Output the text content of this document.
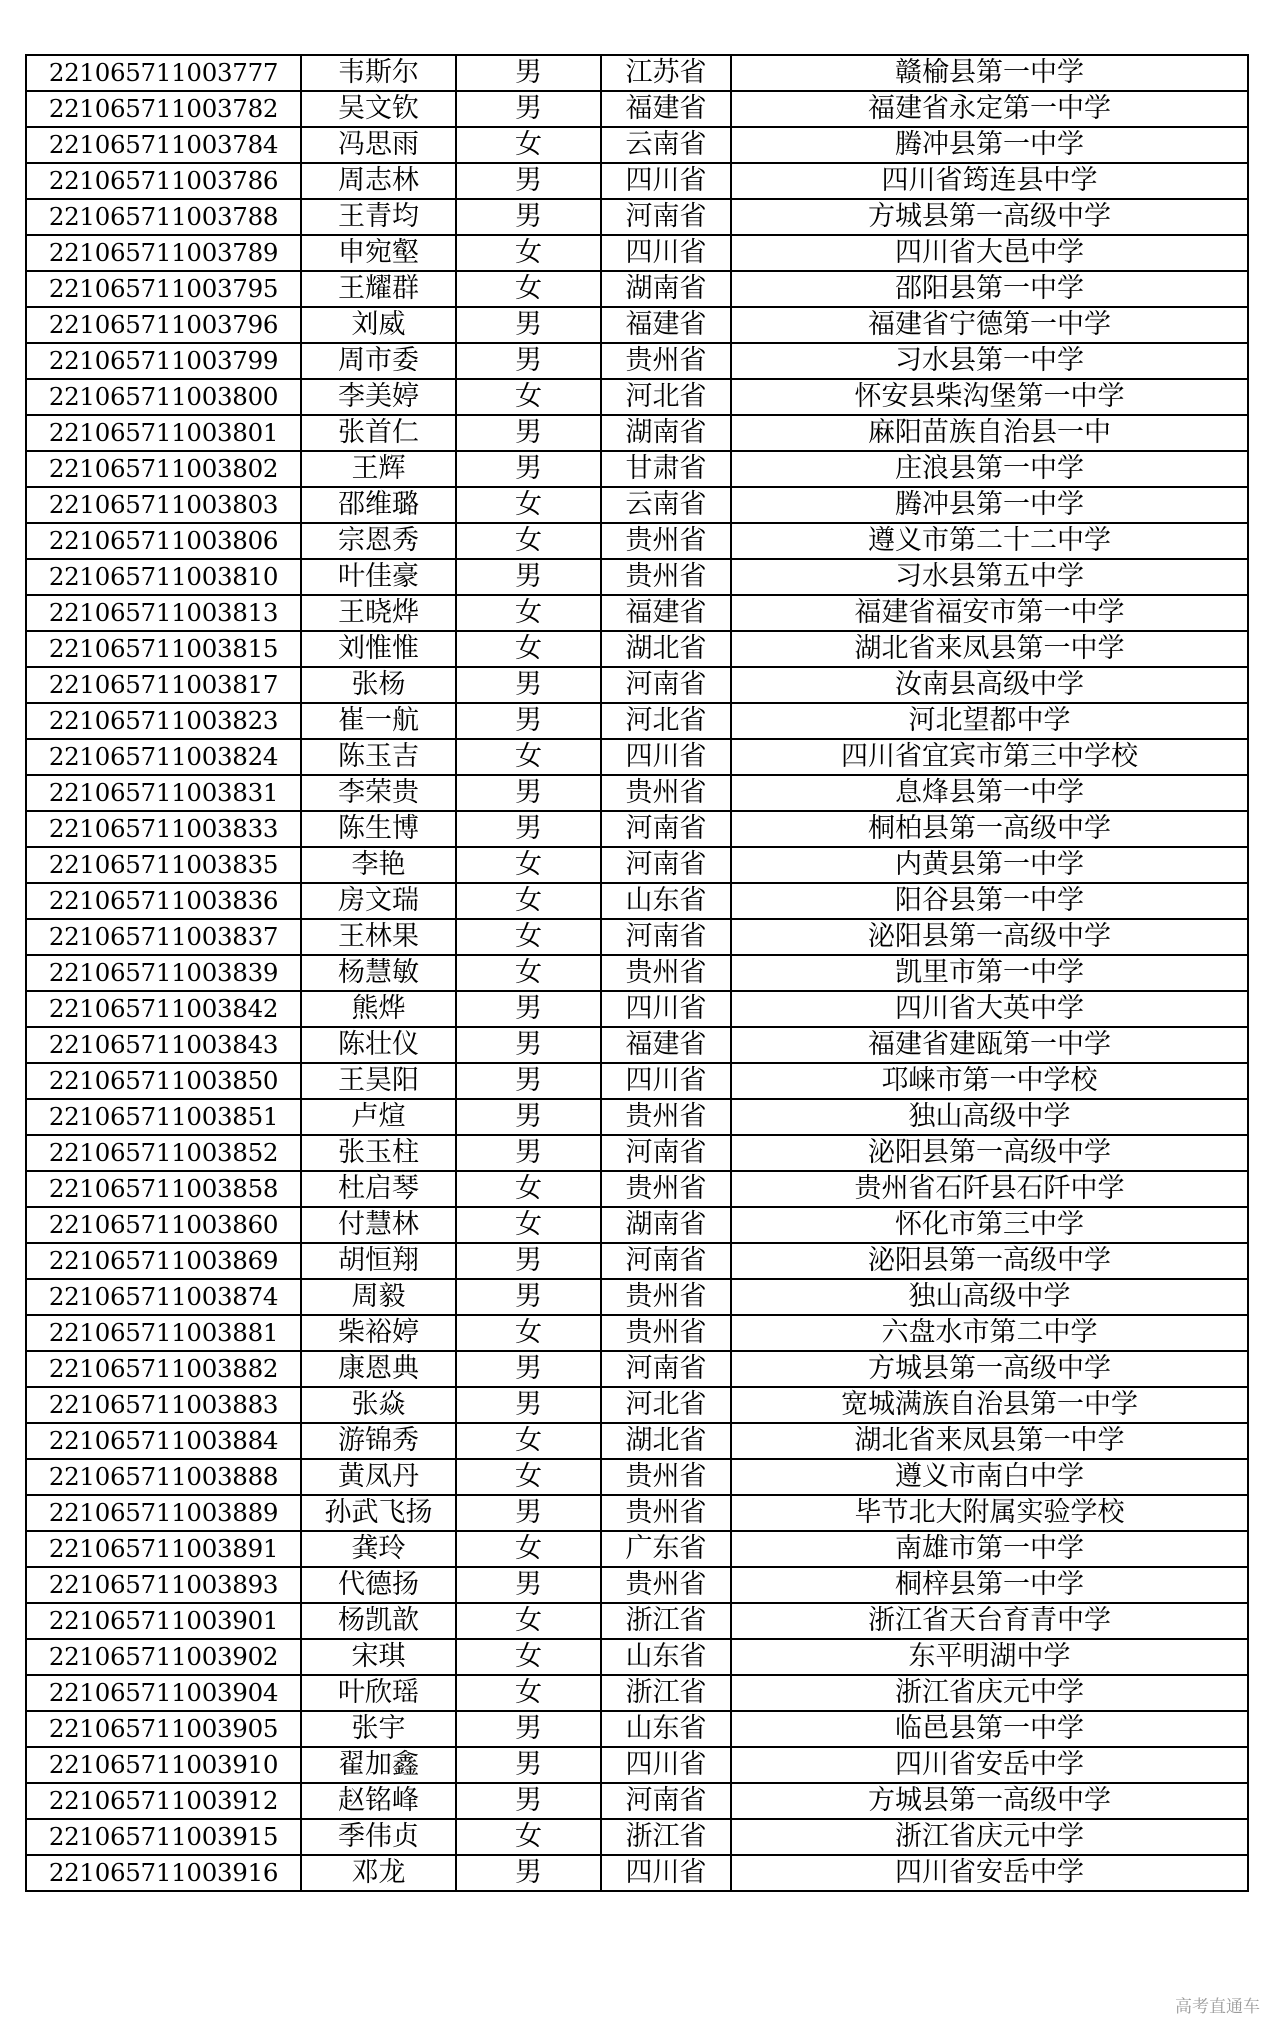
221065711003777	韦斯尔	男	江苏省	赣榆县第一中学
221065711003782	吴文钦	男	福建省	福建省永定第一中学
221065711003784	冯思雨	女	云南省	腾冲县第一中学
221065711003786	周志林	男	四川省	四川省筠连县中学
221065711003788	王青均	男	河南省	方城县第一高级中学
221065711003789	申宛壑	女	四川省	四川省大邑中学
221065711003795	王耀群	女	湖南省	邵阳县第一中学
221065711003796	刘威	男	福建省	福建省宁德第一中学
221065711003799	周市委	男	贵州省	习水县第一中学
221065711003800	李美婷	女	河北省	怀安县柴沟堡第一中学
221065711003801	张首仁	男	湖南省	麻阳苗族自治县一中
221065711003802	王辉	男	甘肃省	庄浪县第一中学
221065711003803	邵维璐	女	云南省	腾冲县第一中学
221065711003806	宗恩秀	女	贵州省	遵义市第二十二中学
221065711003810	叶佳豪	男	贵州省	习水县第五中学
221065711003813	王晓烨	女	福建省	福建省福安市第一中学
221065711003815	刘惟惟	女	湖北省	湖北省来凤县第一中学
221065711003817	张杨	男	河南省	汝南县高级中学
221065711003823	崔一航	男	河北省	河北望都中学
221065711003824	陈玉吉	女	四川省	四川省宜宾市第三中学校
221065711003831	李荣贵	男	贵州省	息烽县第一中学
221065711003833	陈生博	男	河南省	桐柏县第一高级中学
221065711003835	李艳	女	河南省	内黄县第一中学
221065711003836	房文瑞	女	山东省	阳谷县第一中学
221065711003837	王林果	女	河南省	泌阳县第一高级中学
221065711003839	杨慧敏	女	贵州省	凯里市第一中学
221065711003842	熊烨	男	四川省	四川省大英中学
221065711003843	陈壮仪	男	福建省	福建省建瓯第一中学
221065711003850	王昊阳	男	四川省	邛崃市第一中学校
221065711003851	卢煊	男	贵州省	独山高级中学
221065711003852	张玉柱	男	河南省	泌阳县第一高级中学
221065711003858	杜启琴	女	贵州省	贵州省石阡县石阡中学
221065711003860	付慧林	女	湖南省	怀化市第三中学
221065711003869	胡恒翔	男	河南省	泌阳县第一高级中学
221065711003874	周毅	男	贵州省	独山高级中学
221065711003881	柴裕婷	女	贵州省	六盘水市第二中学
221065711003882	康恩典	男	河南省	方城县第一高级中学
221065711003883	张焱	男	河北省	宽城满族自治县第一中学
221065711003884	游锦秀	女	湖北省	湖北省来凤县第一中学
221065711003888	黄凤丹	女	贵州省	遵义市南白中学
221065711003889	孙武飞扬	男	贵州省	毕节北大附属实验学校
221065711003891	龚玲	女	广东省	南雄市第一中学
221065711003893	代德扬	男	贵州省	桐梓县第一中学
221065711003901	杨凯歆	女	浙江省	浙江省天台育青中学
221065711003902	宋琪	女	山东省	东平明湖中学
221065711003904	叶欣瑶	女	浙江省	浙江省庆元中学
221065711003905	张宇	男	山东省	临邑县第一中学
221065711003910	翟加鑫	男	四川省	四川省安岳中学
221065711003912	赵铭峰	男	河南省	方城县第一高级中学
221065711003915	季伟贞	女	浙江省	浙江省庆元中学
221065711003916	邓龙	男	四川省	四川省安岳中学
高考直通车
